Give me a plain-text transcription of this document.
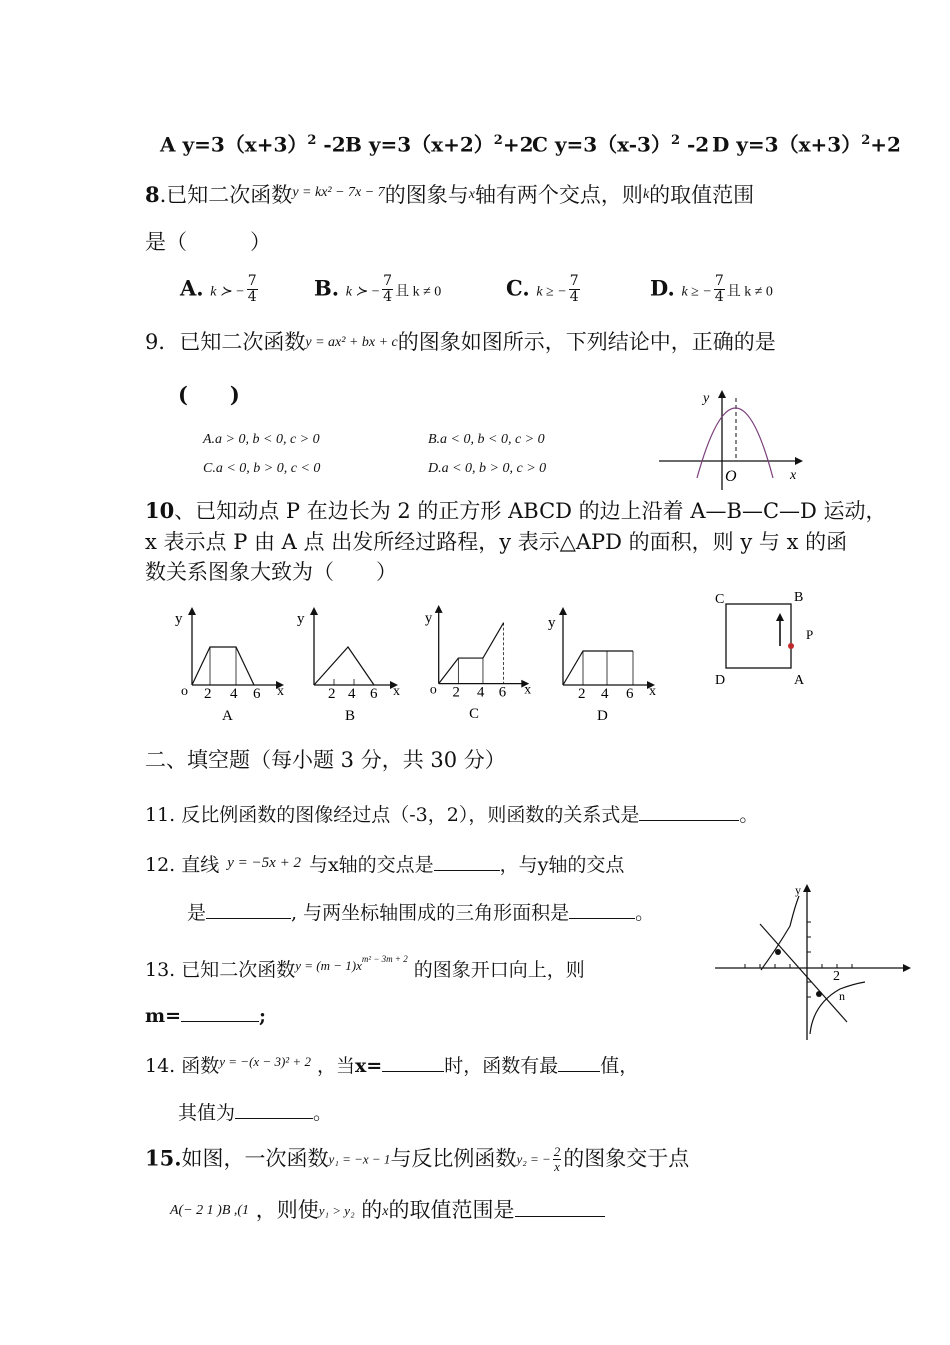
A $y=3(x+3)^2$ -2 B $y=3(x+2)^2+2$
C $y=3(x-3)^2$ -2 D $y=3(x+3)^2+2$
8.已知二次函数$^{y = kx^2 - 7x - 7}$的图象与x轴有两个交点，则k的取值范围
是（　　　）
A. k ≻ − $\frac{7}{4}$	B. k ≻ − $\frac{7}{4}$ 且 k ≠ 0	C. k ≥ − $\frac{7}{4}$	D. k ≥ − $\frac{7}{4}$ 且 k ≠ 0
9．已知二次函数y = ax² + bx + c的图象如图所示，下列结论中，正确的是
(　　)
A.a > 0, b < 0, c > 0	B.a < 0, b < 0, c > 0
C.a < 0, b > 0, c < 0	D.a < 0, b > 0, c > 0
y
O	x
10、已知动点 P 在边长为 2 的正方形 ABCD 的边上沿着 A—B—C—D 运动，
x 表示点 P 由 A 点 出发所经过路程，y 表示△APD 的面积，则 y 与 x 的函
数关系图象大致为（　　）
y
o 2 4 6 x
A
y
2 4 6 x
B
y
o 2 4 6 x
C
y
2 4 6 x
D
C	B
P
D	A
二、填空题（每小题 3 分，共 30 分）
11. 反比例函数的图像经过点（-3，2），则函数的关系式是	。
12. 直线 $^{y = -5x + 2}$ 与x轴的交点是	，与y轴的交点
是	, 与两坐标轴围成的三角形面积是	。
13. 已知二次函数$^{y = (m - 1)xm^2 - 3m + 2}$ 的图象开口向上，则
m=	;
y
2
n
14. 函数$^{y = -(x - 3)^2 + 2}$ ，当x=	时，函数有最 值，
其值为	。
15.如图，一次函数y₁ = −x − 1与反比例函数y₂ = − $\frac{2}{x}$ 的图象交于点
A(− 2 1 )B ,(1 ，则使y₁ > y₂ 的x的取值范围是
